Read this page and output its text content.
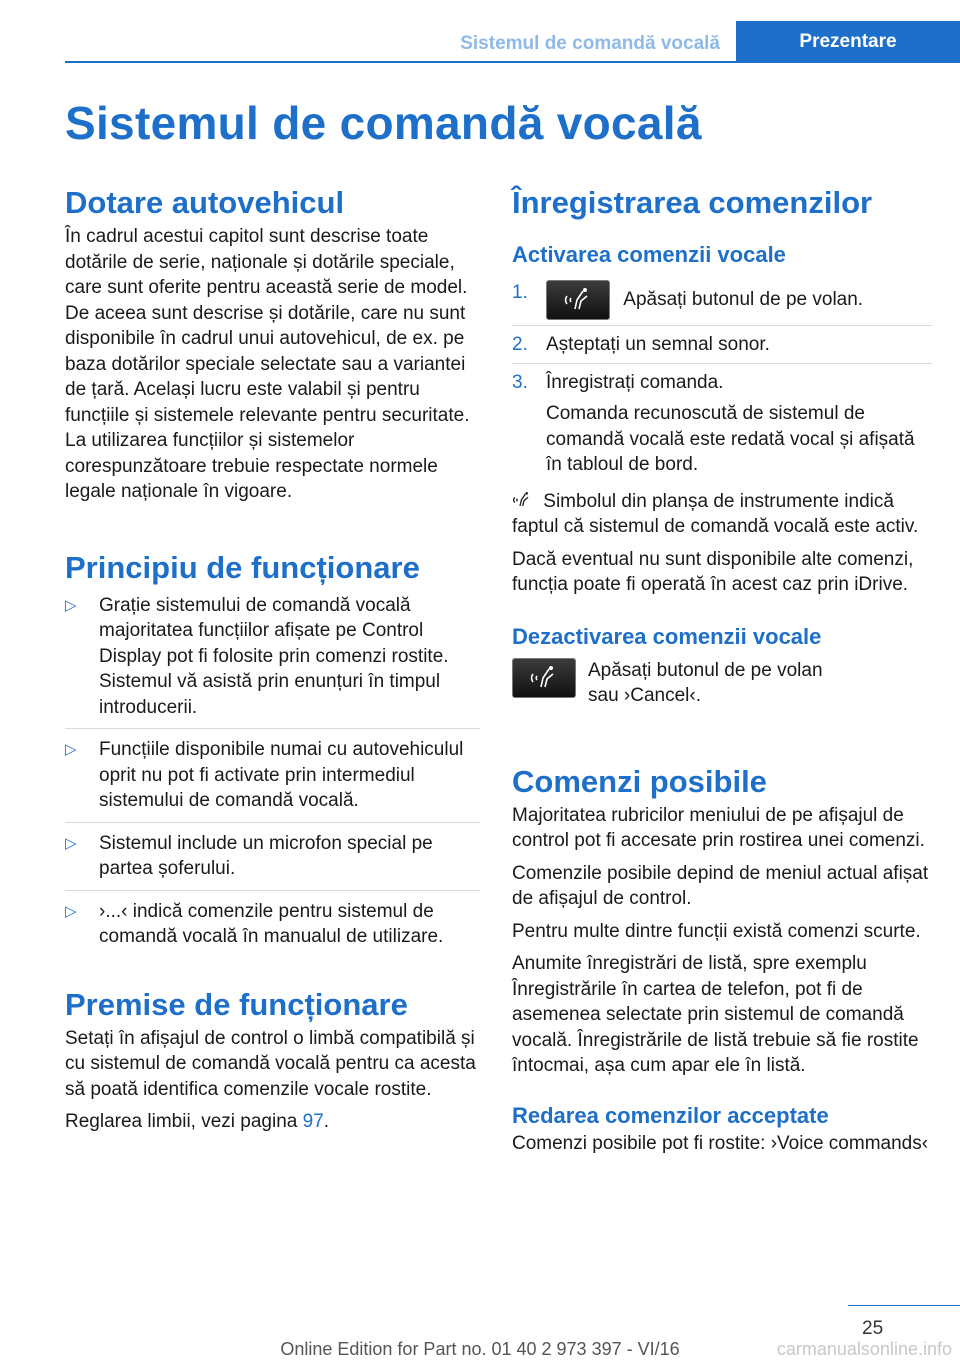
Sistemul de comandă vocală	Prezentare
Sistemul de comandă vocală
Dotare autovehicul

În cadrul acestui capitol sunt descrise toate dotările de serie, naționale și dotările speciale, care sunt oferite pentru această serie de model. De aceea sunt descrise și dotările, care nu sunt disponibile în cadrul unui autovehicul, de ex. pe baza dotărilor speciale selectate sau a variantei de țară. Același lucru este valabil și pentru funcțiile și sistemele relevante pentru securitate. La utilizarea funcțiilor și sistemelor corespunzătoare trebuie respectate normele legale naționale în vigoare.

Principiu de funcționare
▷ Grație sistemului de comandă vocală majoritatea funcțiilor afișate pe Control Display pot fi folosite prin comenzi rostite. Sistemul vă asistă prin enunțuri în timpul introducerii.
▷ Funcțiile disponibile numai cu autovehiculul oprit nu pot fi activate prin intermediul sistemului de comandă vocală.
▷ Sistemul include un microfon special pe partea șoferului.
▷ ›...‹ indică comenzile pentru sistemul de comandă vocală în manualul de utilizare.
Premise de funcționare

Setați în afișajul de control o limbă compatibilă și cu sistemul de comandă vocală pentru ca acesta să poată identifica comenzile vocale rostite.

Reglarea limbii, vezi pagina 97.

Înregistrarea comenzilor
Activarea comenzii vocale
1.	Apăsați butonul de pe volan.
2. Așteptați un semnal sonor.
3. Înregistrați comanda.
Comanda recunoscută de sistemul de comandă vocală este redată vocal și afișată în tabloul de bord.

Simbolul din planșa de instrumente indică faptul că sistemul de comandă vocală este activ.

Dacă eventual nu sunt disponibile alte comenzi, funcția poate fi operată în acest caz prin iDrive.

Dezactivarea comenzii vocale

Apăsați butonul de pe volan sau ›Cancel‹.

Comenzi posibile

Majoritatea rubricilor meniului de pe afișajul de control pot fi accesate prin rostirea unei comenzi.

Comenzile posibile depind de meniul actual afișat de afișajul de control.

Pentru multe dintre funcții există comenzi scurte.

Anumite înregistrări de listă, spre exemplu Înregistrările în cartea de telefon, pot fi de asemenea selectate prin sistemul de comandă vocală. Înregistrările de listă trebuie să fie rostite întocmai, așa cum apar ele în listă.

Redarea comenzilor acceptate

Comenzi posibile pot fi rostite: ›Voice commands‹

25
Online Edition for Part no. 01 40 2 973 397 - VI/16	carmanualsonline.info
